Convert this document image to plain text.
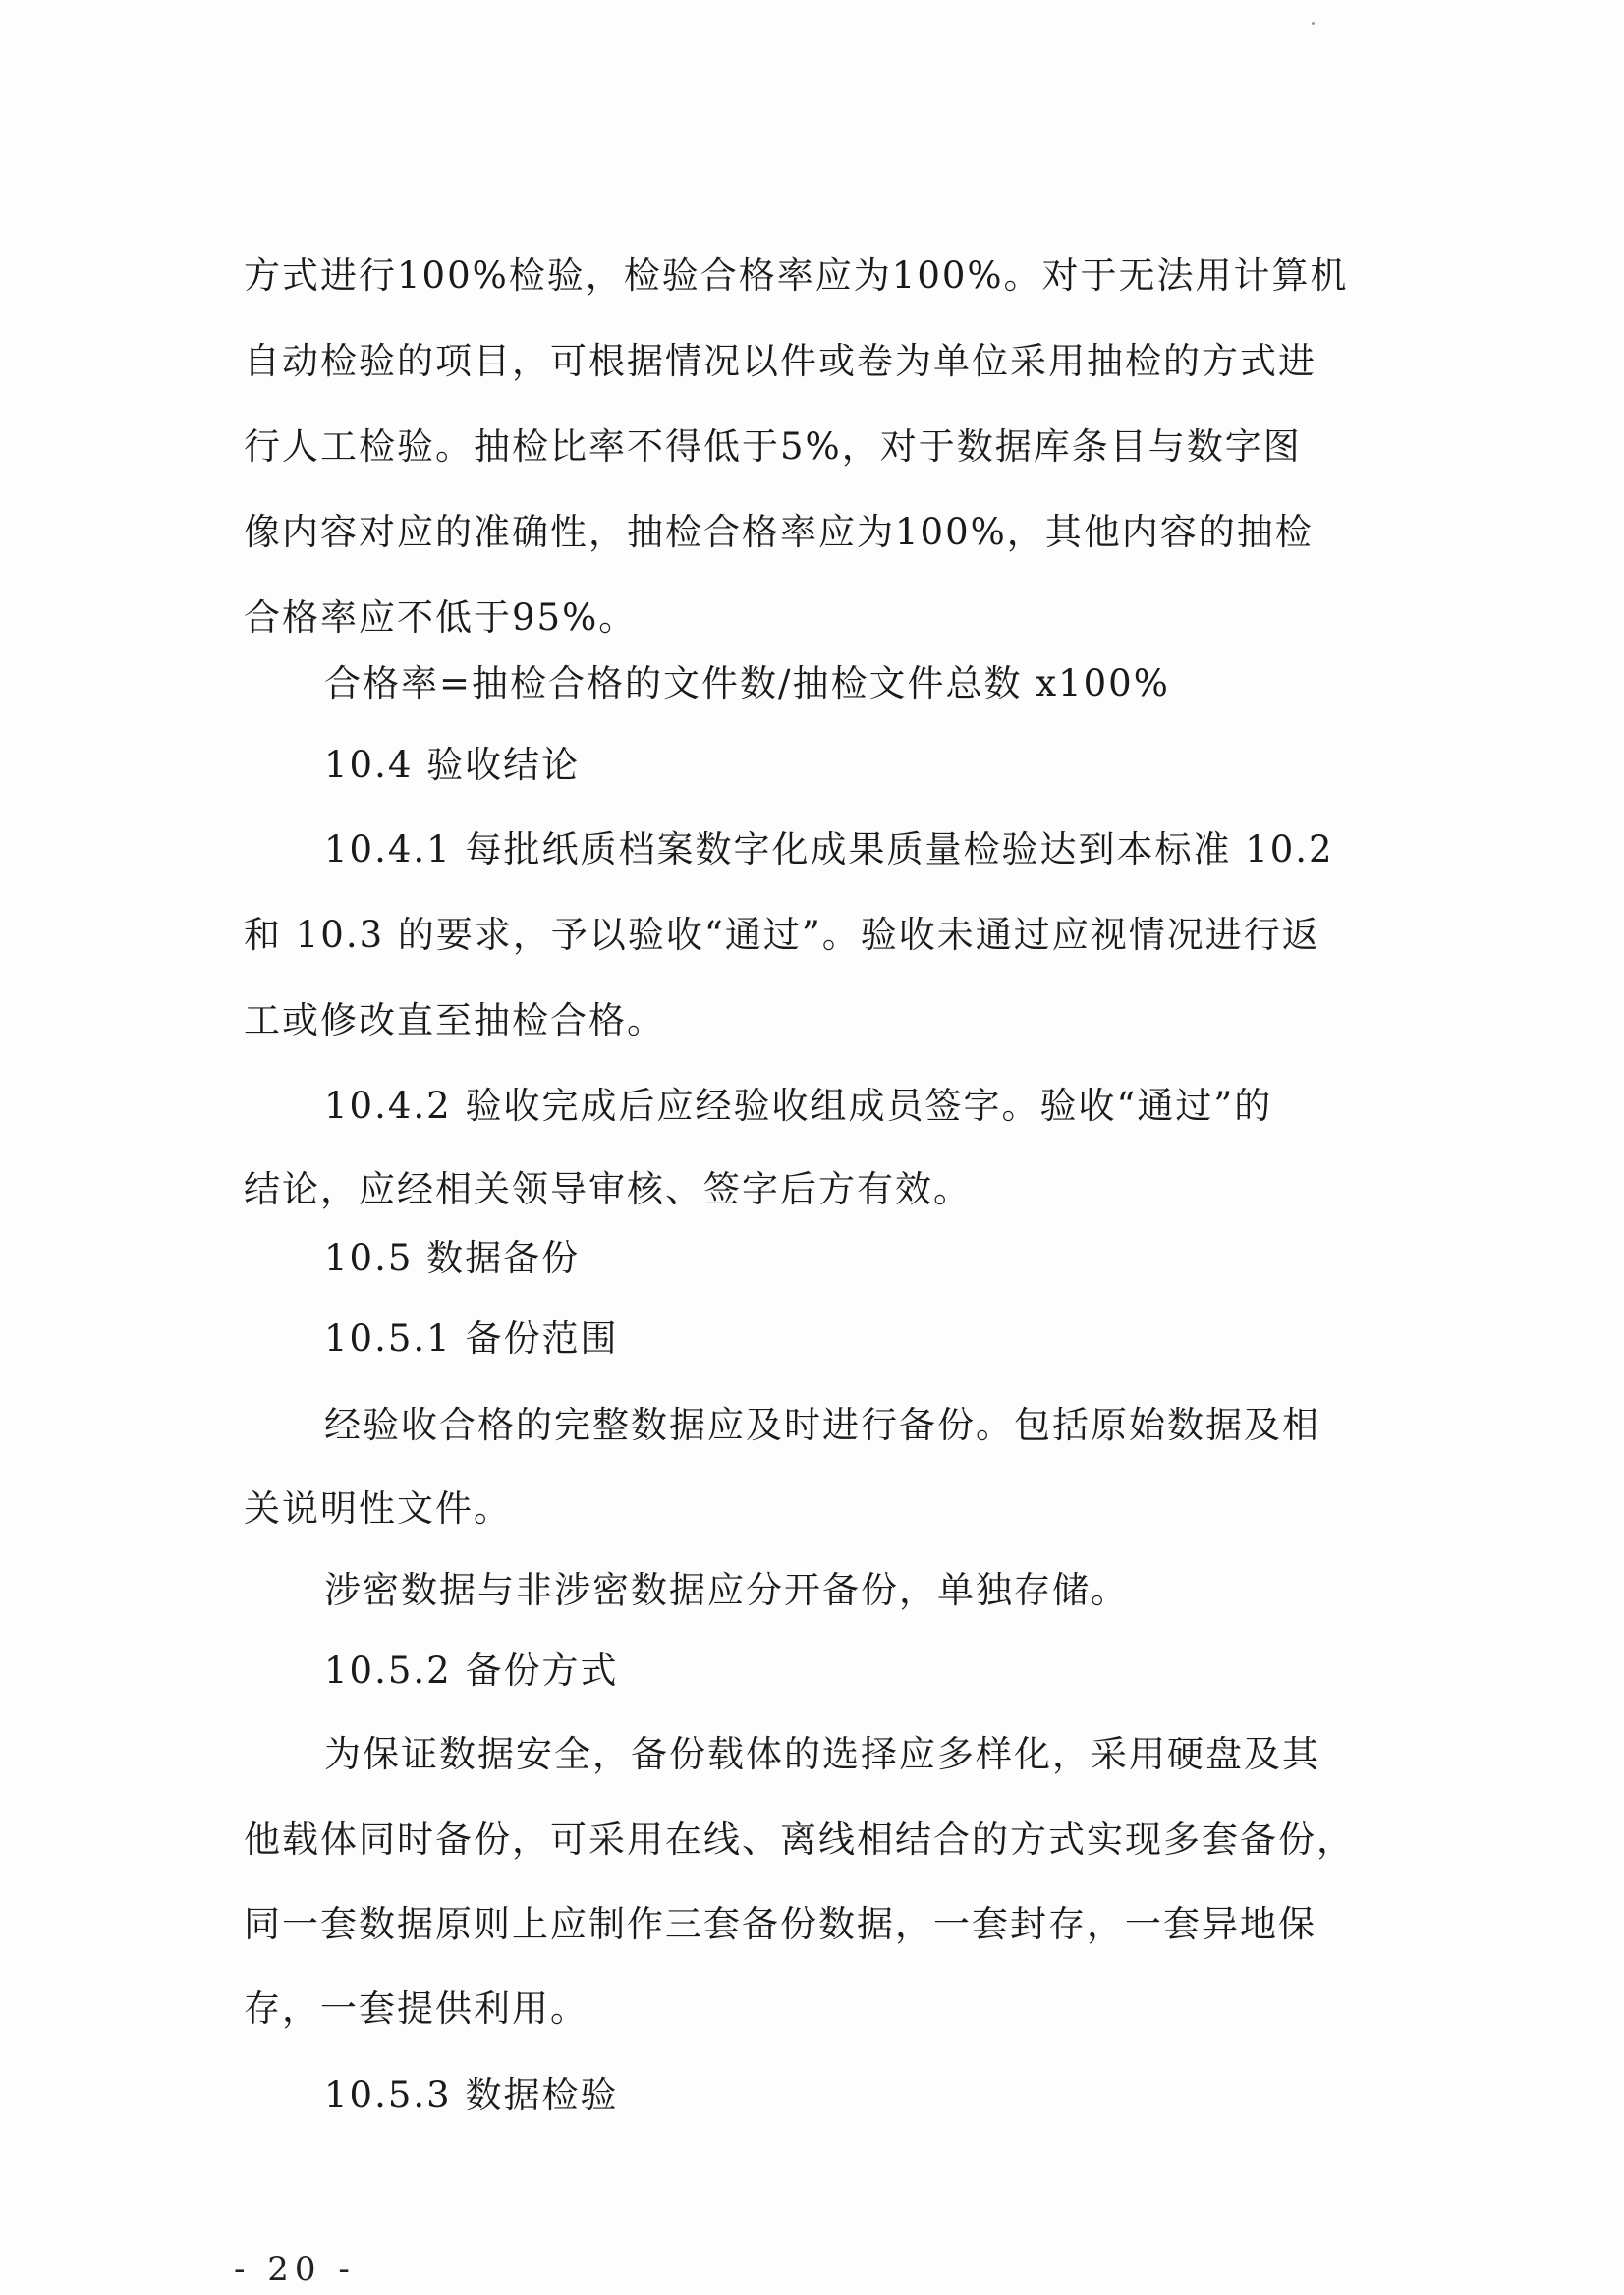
方式进行100%检验，检验合格率应为100%。对于无法用计算机
自动检验的项目，可根据情况以件或卷为单位采用抽检的方式进
行人工检验。抽检比率不得低于5%，对于数据库条目与数字图
像内容对应的准确性，抽检合格率应为100%，其他内容的抽检
合格率应不低于95%。
合格率=抽检合格的文件数/抽检文件总数 x100%
10.4 验收结论
10.4.1 每批纸质档案数字化成果质量检验达到本标准 10.2
和 10.3 的要求，予以验收“通过”。验收未通过应视情况进行返
工或修改直至抽检合格。
10.4.2 验收完成后应经验收组成员签字。验收“通过”的
结论，应经相关领导审核、签字后方有效。
10.5 数据备份
10.5.1 备份范围
经验收合格的完整数据应及时进行备份。包括原始数据及相
关说明性文件。
涉密数据与非涉密数据应分开备份，单独存储。
10.5.2 备份方式
为保证数据安全，备份载体的选择应多样化，采用硬盘及其
他载体同时备份，可采用在线、离线相结合的方式实现多套备份，
同一套数据原则上应制作三套备份数据，一套封存，一套异地保
存，一套提供利用。
10.5.3 数据检验
- 20 -
